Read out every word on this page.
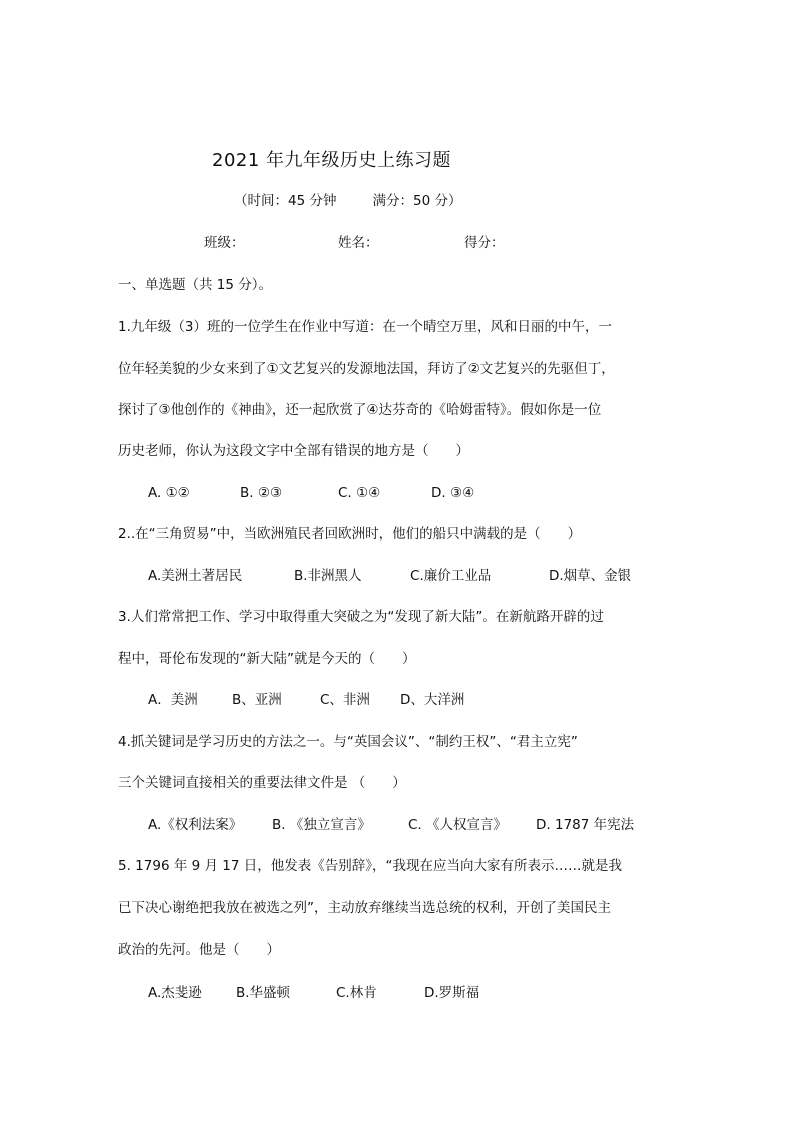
2021 年九年级历史上练习题
（时间：45 分钟	满分：50 分）
班级：	姓名：	得分：
一、单选题（共 15 分）。
1.九年级（3）班的一位学生在作业中写道：在一个晴空万里，风和日丽的中午，一
位年轻美貌的少女来到了①文艺复兴的发源地法国，拜访了②文艺复兴的先驱但丁，
探讨了③他创作的《神曲》，还一起欣赏了④达芬奇的《哈姆雷特》。假如你是一位
历史老师，你认为这段文字中全部有错误的地方是（　　）
A. ①②	B. ②③	C. ①④	D. ③④
2..在“三角贸易”中，当欧洲殖民者回欧洲时，他们的船只中满载的是（　　）
A.美洲土著居民	B.非洲黑人	C.廉价工业品	D.烟草、金银
3.人们常常把工作、学习中取得重大突破之为“发现了新大陆”。在新航路开辟的过
程中，哥伦布发现的“新大陆”就是今天的（　　）
A．美洲	B、亚洲	C、非洲 D、大洋洲
4.抓关键词是学习历史的方法之一。与“英国会议”、“制约王权”、“君主立宪”
三个关键词直接相关的重要法律文件是 （　　）
A.《权利法案》 B. 《独立宣言》	C. 《人权宣言》 D. 1787 年宪法
5. 1796 年 9 月 17 日，他发表《告别辞》，“我现在应当向大家有所表示……就是我
已下决心谢绝把我放在被选之列”，主动放弃继续当选总统的权利，开创了美国民主
政治的先河。他是（　　）
A.杰斐逊	B.华盛顿	C.林肯	D.罗斯福
